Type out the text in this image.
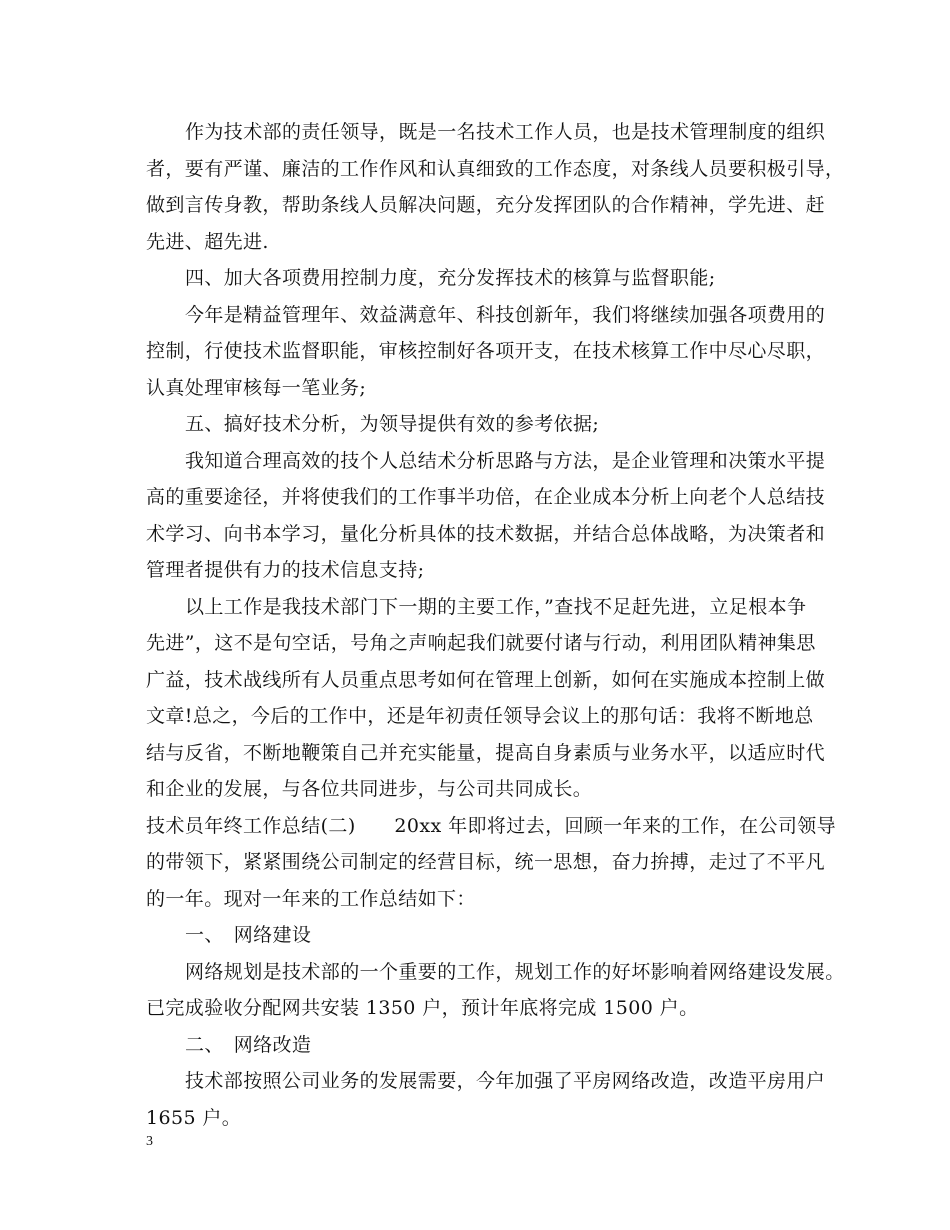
作为技术部的责任领导，既是一名技术工作人员，也是技术管理制度的组织
者，要有严谨、廉洁的工作作风和认真细致的工作态度，对条线人员要积极引导，
做到言传身教，帮助条线人员解决问题，充分发挥团队的合作精神，学先进、赶
先进、超先进.
四、加大各项费用控制力度，充分发挥技术的核算与监督职能;
今年是精益管理年、效益满意年、科技创新年，我们将继续加强各项费用的
控制，行使技术监督职能，审核控制好各项开支，在技术核算工作中尽心尽职，
认真处理审核每一笔业务;
五、搞好技术分析，为领导提供有效的参考依据;
我知道合理高效的技个人总结术分析思路与方法，是企业管理和决策水平提
高的重要途径，并将使我们的工作事半功倍，在企业成本分析上向老个人总结技
术学习、向书本学习，量化分析具体的技术数据，并结合总体战略，为决策者和
管理者提供有力的技术信息支持;
以上工作是我技术部门下一期的主要工作，”查找不足赶先进，立足根本争
先进”，这不是句空话，号角之声响起我们就要付诸与行动，利用团队精神集思
广益，技术战线所有人员重点思考如何在管理上创新，如何在实施成本控制上做
文章!总之，今后的工作中，还是年初责任领导会议上的那句话：我将不断地总
结与反省，不断地鞭策自己并充实能量，提高自身素质与业务水平，以适应时代
和企业的发展，与各位共同进步，与公司共同成长。
技术员年终工作总结(二)　　20xx 年即将过去，回顾一年来的工作，在公司领导
的带领下，紧紧围绕公司制定的经营目标，统一思想，奋力拚搏，走过了不平凡
的一年。现对一年来的工作总结如下：
一、　网络建设
网络规划是技术部的一个重要的工作，规划工作的好坏影响着网络建设发展。
已完成验收分配网共安装 1350 户，预计年底将完成 1500 户。
二、　网络改造
技术部按照公司业务的发展需要，今年加强了平房网络改造，改造平房用户
1655 户。
3
